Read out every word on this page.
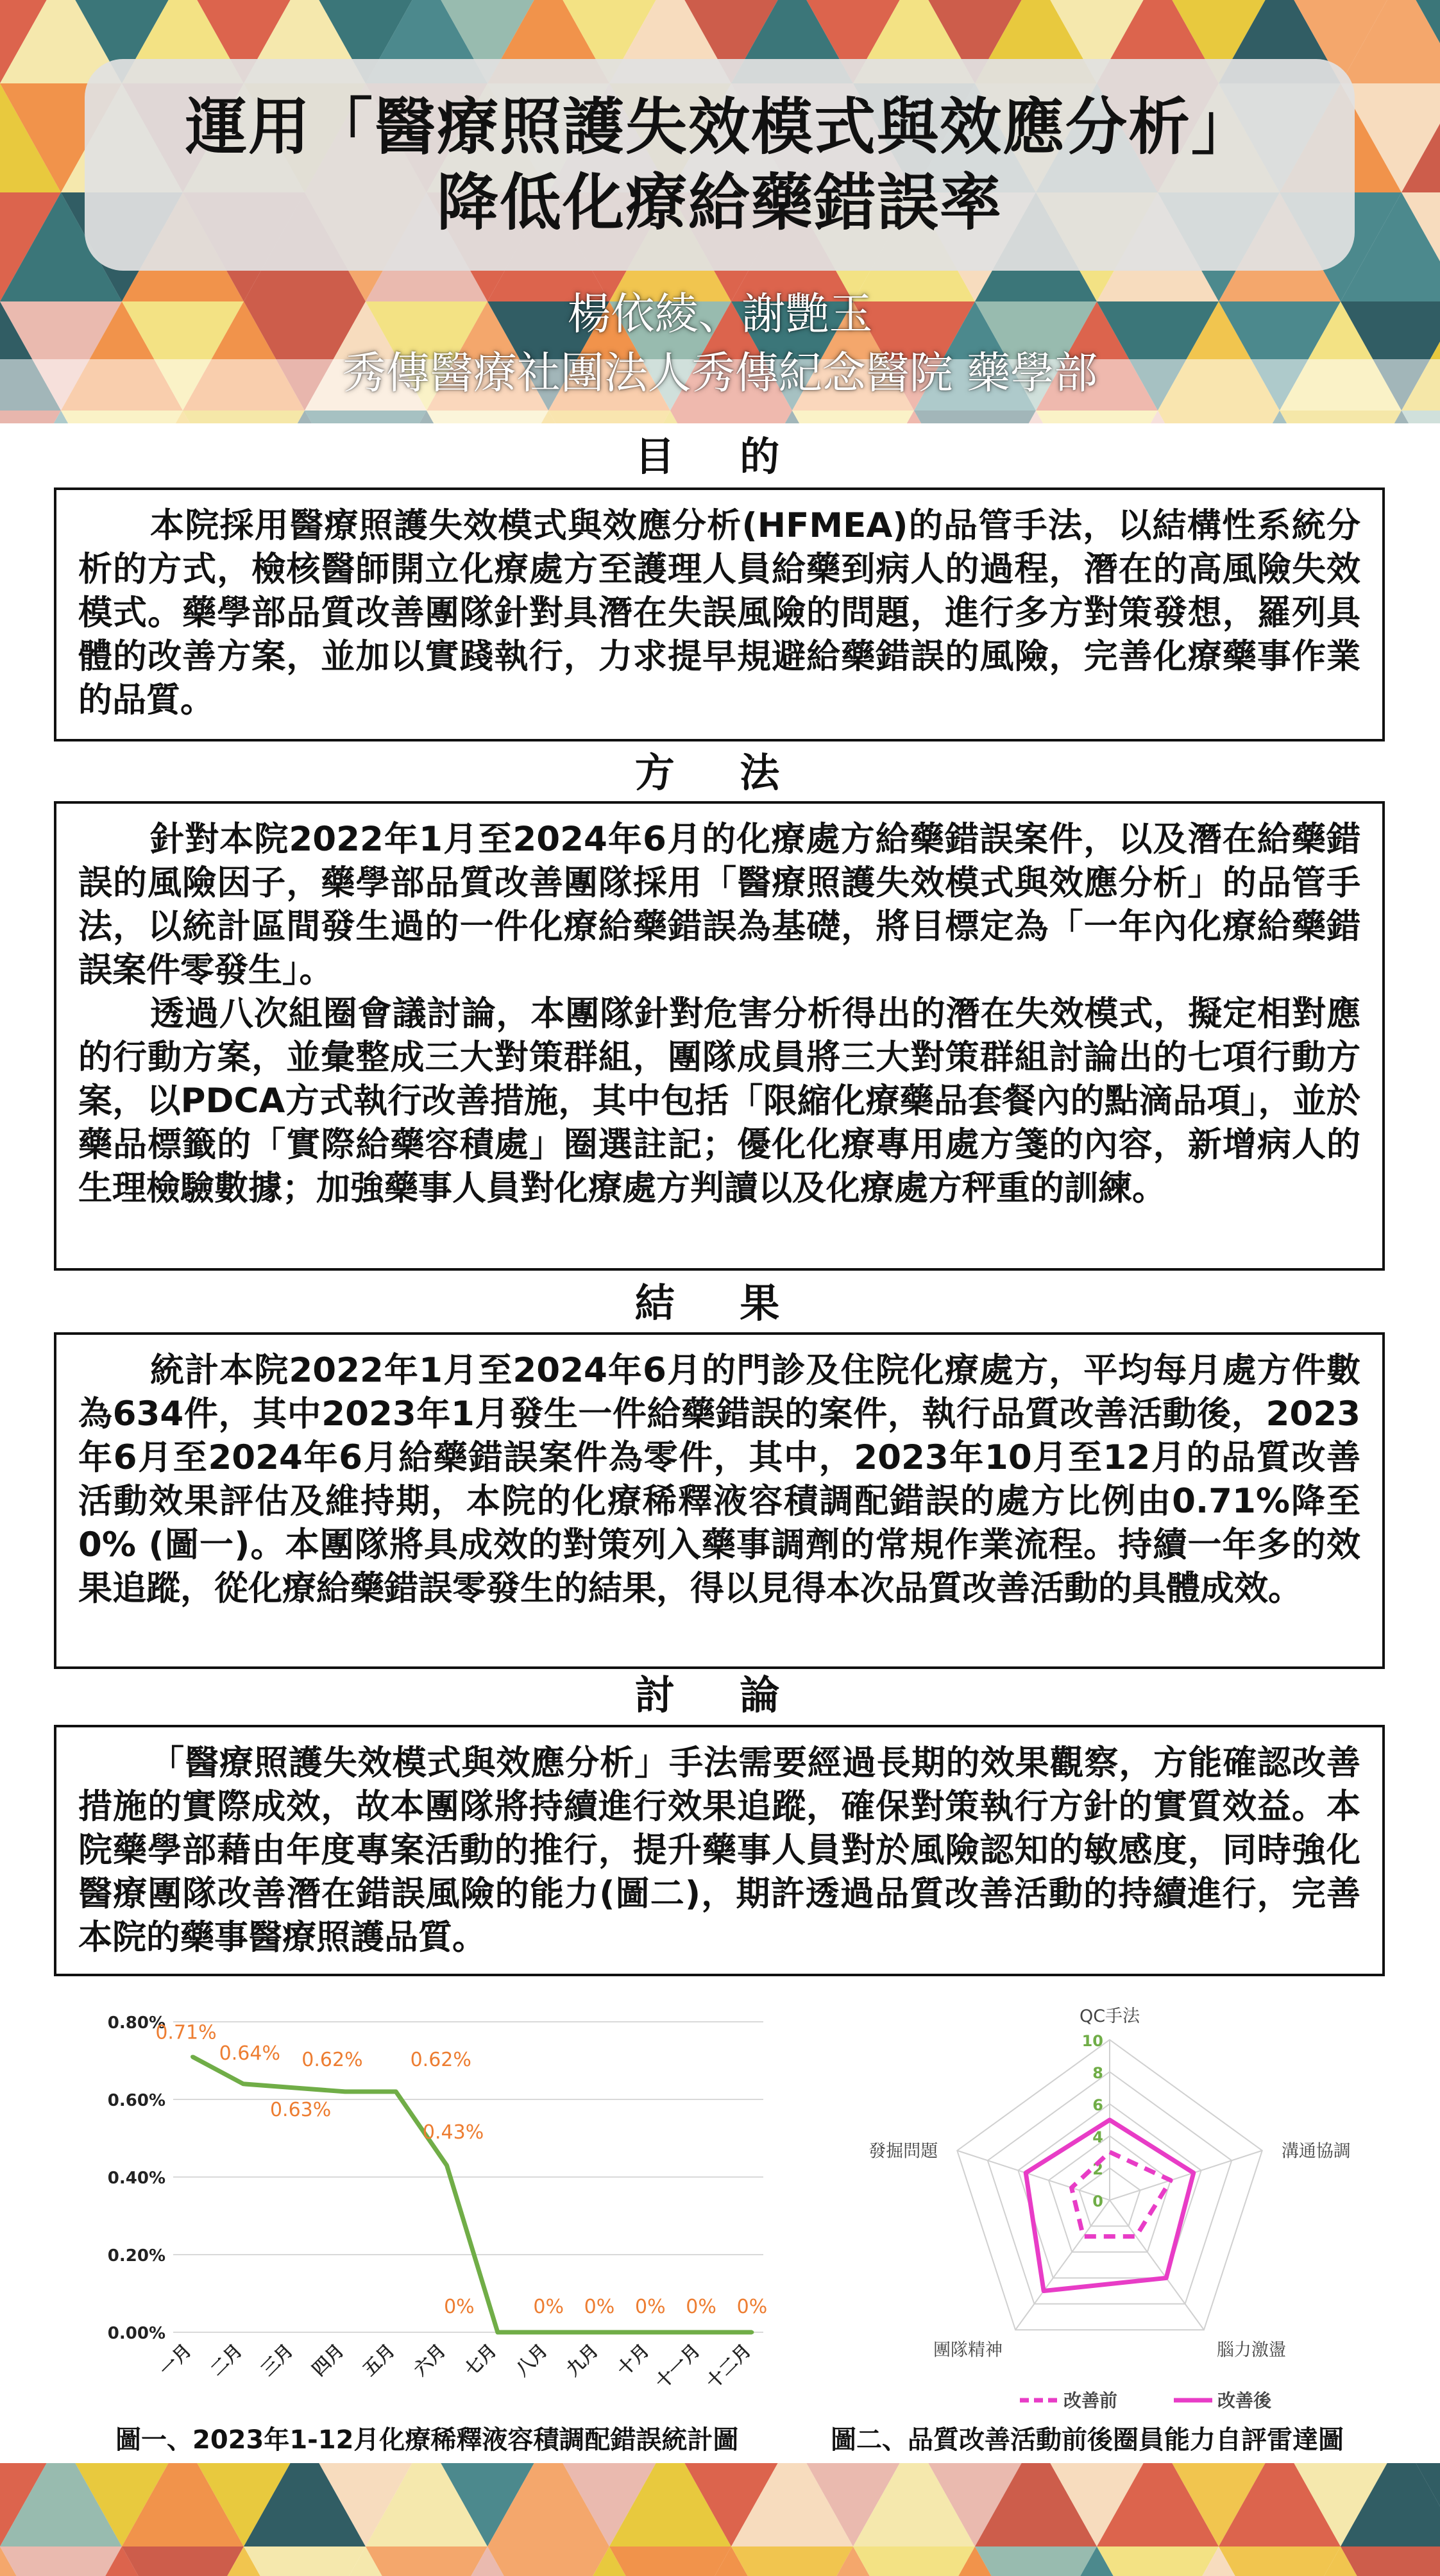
運用「醫療照護失效模式與效應分析」
降低化療給藥錯誤率
楊依綾、謝艷玉
秀傳醫療社團法人秀傳紀念醫院 藥學部
目 的

本院採用醫療照護失效模式與效應分析(HFMEA)的品管手法，以結構性系統分析的方式，檢核醫師開立化療處方至護理人員給藥到病人的過程，潛在的高風險失效模式。藥學部品質改善團隊針對具潛在失誤風險的問題，進行多方對策發想，羅列具體的改善方案，並加以實踐執行，力求提早規避給藥錯誤的風險，完善化療藥事作業的品質。

方 法

針對本院2022年1月至2024年6月的化療處方給藥錯誤案件，以及潛在給藥錯誤的風險因子，藥學部品質改善團隊採用「醫療照護失效模式與效應分析」的品管手法，以統計區間發生過的一件化療給藥錯誤為基礎，將目標定為「一年內化療給藥錯誤案件零發生」。

透過八次組圈會議討論，本團隊針對危害分析得出的潛在失效模式，擬定相對應的行動方案，並彙整成三大對策群組，團隊成員將三大對策群組討論出的七項行動方案，以PDCA方式執行改善措施，其中包括「限縮化療藥品套餐內的點滴品項」，並於藥品標籤的「實際給藥容積處」圈選註記；優化化療專用處方箋的內容，新增病人的生理檢驗數據；加強藥事人員對化療處方判讀以及化療處方秤重的訓練。

結 果

統計本院2022年1月至2024年6月的門診及住院化療處方，平均每月處方件數為634件，其中2023年1月發生一件給藥錯誤的案件，執行品質改善活動後，2023年6月至2024年6月給藥錯誤案件為零件，其中，2023年10月至12月的品質改善活動效果評估及維持期，本院的化療稀釋液容積調配錯誤的處方比例由0.71%降至0% (圖一)。本團隊將具成效的對策列入藥事調劑的常規作業流程。持續一年多的效果追蹤，從化療給藥錯誤零發生的結果，得以見得本次品質改善活動的具體成效。

討 論

「醫療照護失效模式與效應分析」手法需要經過長期的效果觀察，方能確認改善措施的實際成效，故本團隊將持續進行效果追蹤，確保對策執行方針的實質效益。本院藥學部藉由年度專案活動的推行，提升藥事人員對於風險認知的敏感度，同時強化醫療團隊改善潛在錯誤風險的能力(圖二)，期許透過品質改善活動的持續進行，完善本院的藥事醫療照護品質。

0.00%
0.20%
0.40%
0.60%
0.80%
0.71%
0.64%
0.63%
0.62% 0.62%
0.43%
0%	0% 0% 0% 0% 0%
一月 二月 三月 四月 五月 六月 七月 八月 九月 十月
十一月
十二月
圖一、2023年1-12月化療稀釋液容積調配錯誤統計圖
QC手法
溝通協調
腦力激盪
團隊精神
發掘問題
0
2
4
6
8
10
改善前	改善後
圖二、品質改善活動前後圈員能力自評雷達圖
